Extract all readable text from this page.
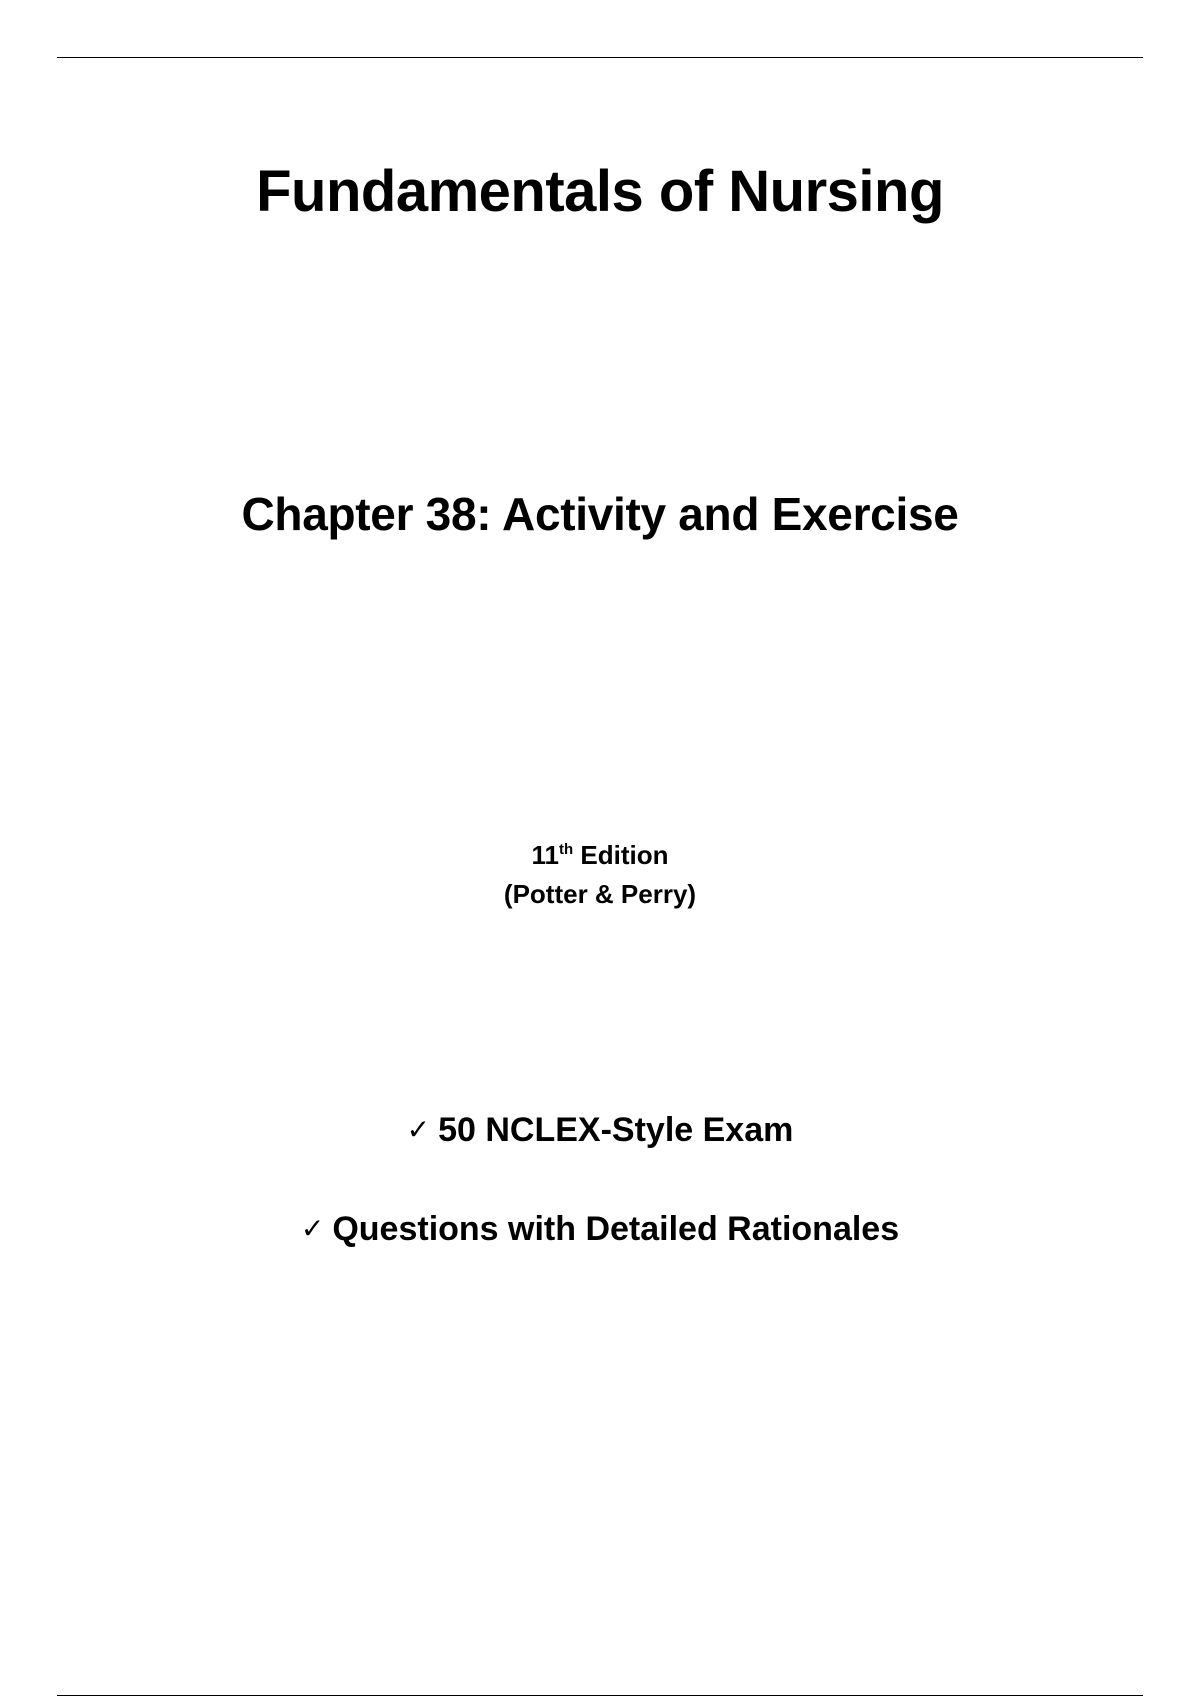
Fundamentals of Nursing
Chapter 38: Activity and Exercise
11th Edition
(Potter & Perry)
✓ 50 NCLEX-Style Exam
✓ Questions with Detailed Rationales
